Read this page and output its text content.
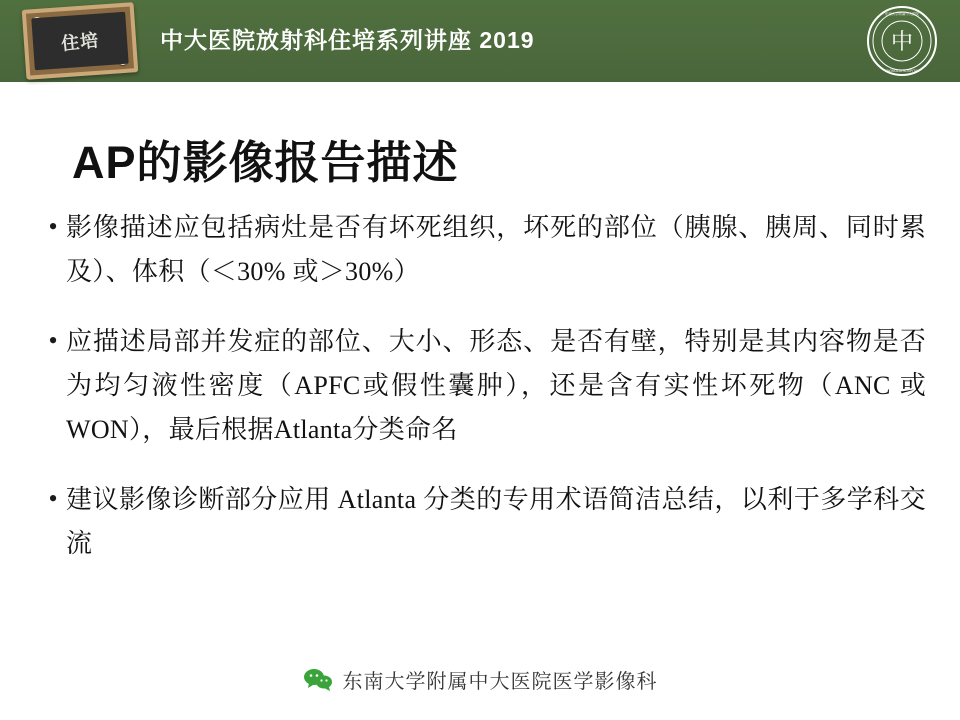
住培	中大医院放射科住培系列讲座 2019	中
东南大学附属中大医院
ZHONGDA HOSPITAL
AP的影像报告描述
• 影像描述应包括病灶是否有坏死组织，坏死的部位（胰腺、胰周、同时累及）、体积（＜30% 或＞30%）
• 应描述局部并发症的部位、大小、形态、是否有壁，特别是其内容物是否为均匀液性密度（APFC或假性囊肿），还是含有实性坏死物（ANC 或 WON），最后根据Atlanta分类命名
• 建议影像诊断部分应用 Atlanta 分类的专用术语简洁总结，以利于多学科交流
东南大学附属中大医院医学影像科
